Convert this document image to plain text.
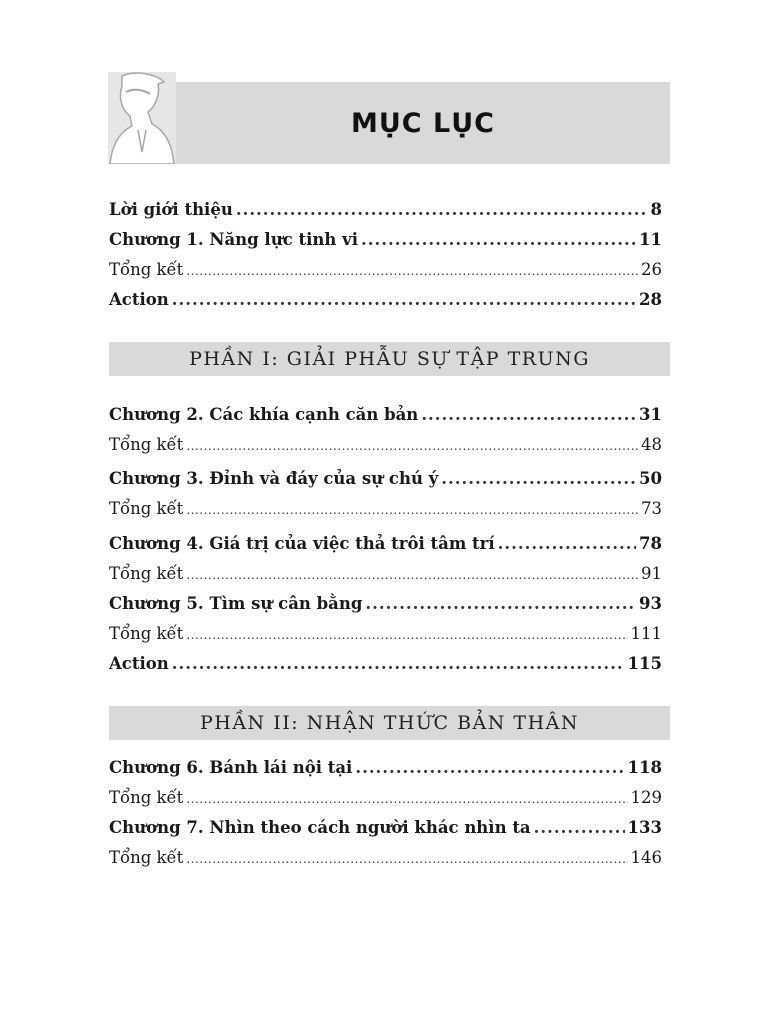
MỤC LỤC
Lời giới thiệu .....	8
Chương 1. Năng lực tinh vi .....	11
Tổng kết .....	26
Action .....	28
PHẦN I: GIẢI PHẪU SỰ TẬP TRUNG
Chương 2. Các khía cạnh căn bản .....	31
Tổng kết .....	48
Chương 3. Đỉnh và đáy của sự chú ý .....	50
Tổng kết .....	73
Chương 4. Giá trị của việc thả trôi tâm trí .....	78
Tổng kết .....	91
Chương 5. Tìm sự cân bằng .....	93
Tổng kết .....	111
Action .....	115
PHẦN II: NHẬN THỨC BẢN THÂN
Chương 6. Bánh lái nội tại .....	118
Tổng kết .....	129
Chương 7. Nhìn theo cách người khác nhìn ta .....	133
Tổng kết .....	146
